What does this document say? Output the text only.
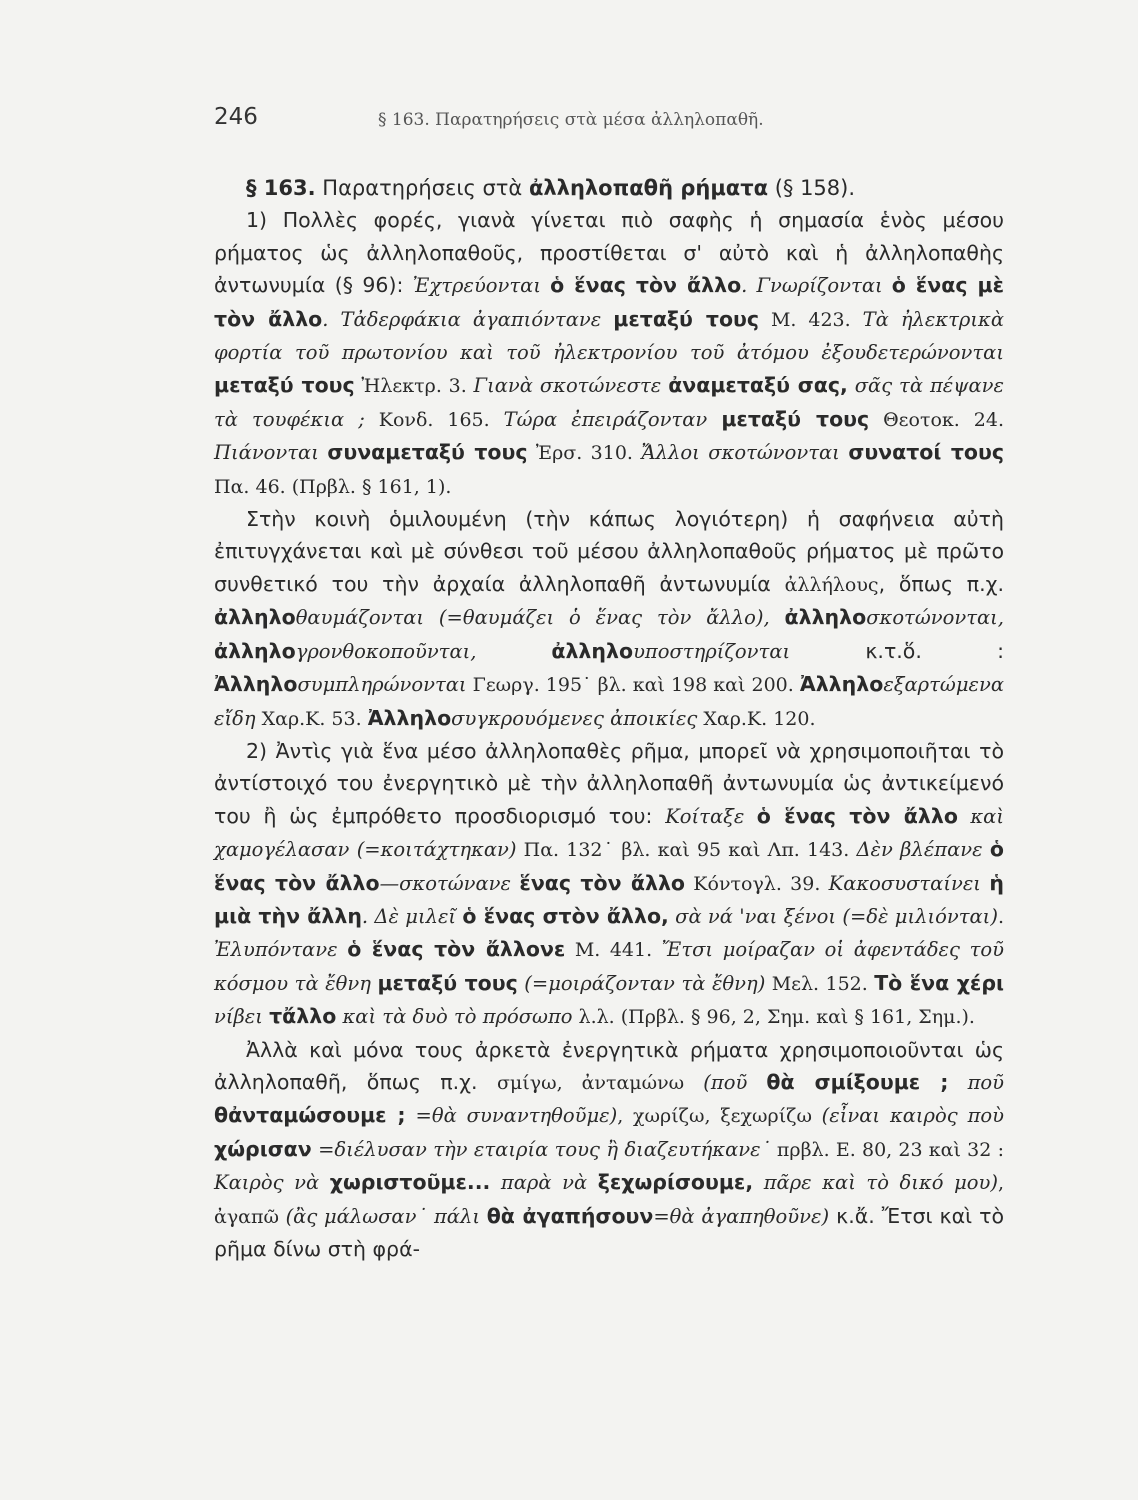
246	§ 163. Παρατηρήσεις στὰ μέσα ἀλληλοπαθῆ.

§ 163. Παρατηρήσεις στὰ ἀλληλοπαθῆ ρήματα (§ 158).

1) Πολλὲς φορές, γιανὰ γίνεται πιὸ σαφὴς ἡ σημασία ἑνὸς μέσου ρήματος ὡς ἀλληλοπαθοῦς, προστίθεται σ' αὐτὸ καὶ ἡ ἀλληλοπαθὴς ἀντωνυμία (§ 96): Ἐχτρεύονται ὁ ἕνας τὸν ἄλλο. Γνωρίζονται ὁ ἕνας μὲ τὸν ἄλλο. Τἀδερφάκια ἀγαπιόντανε μεταξύ τους Μ. 423. Τὰ ἠλεκτρικὰ φορτία τοῦ πρωτονίου καὶ τοῦ ἠλεκτρονίου τοῦ ἀτόμου ἐξουδετερώνονται μεταξύ τους Ἠλεκτρ. 3. Γιανὰ σκοτώνεστε ἀναμεταξύ σας, σᾶς τὰ πέψανε τὰ τουφέκια ; Κονδ. 165. Τώρα ἐπειράζονταν μεταξύ τους Θεοτοκ. 24. Πιάνονται συναμεταξύ τους Ἐρσ. 310. Ἄλλοι σκοτώνονται συνατοί τους Πα. 46. (Πρβλ. § 161, 1).

Στὴν κοινὴ ὁμιλουμένη (τὴν κάπως λογιότερη) ἡ σαφήνεια αὐτὴ ἐπιτυγχάνεται καὶ μὲ σύνθεσι τοῦ μέσου ἀλληλοπαθοῦς ρήματος μὲ πρῶτο συνθετικό του τὴν ἀρχαία ἀλληλοπαθῆ ἀντωνυμία ἀλλήλους, ὅπως π.χ. ἀλληλοθαυμάζονται (=θαυμάζει ὁ ἕνας τὸν ἄλλο), ἀλληλοσκοτώνονται, ἀλληλογρονθοκοποῦνται, ἀλληλουποστηρίζονται κ.τ.ὅ. : Ἀλληλοσυμπληρώνονται Γεωργ. 195˙ βλ. καὶ 198 καὶ 200. Ἀλληλοεξαρτώμενα εἴδη Χαρ.Κ. 53. Ἀλληλοσυγκρουόμενες ἀποικίες Χαρ.Κ. 120.

2) Ἀντὶς γιὰ ἕνα μέσο ἀλληλοπαθὲς ρῆμα, μπορεῖ νὰ χρησιμοποιῆται τὸ ἀντίστοιχό του ἐνεργητικὸ μὲ τὴν ἀλληλοπαθῆ ἀντωνυμία ὡς ἀντικείμενό του ἢ ὡς ἐμπρόθετο προσδιορισμό του: Κοίταξε ὁ ἕνας τὸν ἄλλο καὶ χαμογέλασαν (=κοιτάχτηκαν) Πα. 132˙ βλ. καὶ 95 καὶ Λπ. 143. Δὲν βλέπανε ὁ ἕνας τὸν ἄλλο—σκοτώνανε ἕνας τὸν ἄλλο Κόντογλ. 39. Κακοσυσταίνει ἡ μιὰ τὴν ἄλλη. Δὲ μιλεῖ ὁ ἕνας στὸν ἄλλο, σὰ νά 'ναι ξένοι (=δὲ μιλιόνται). Ἐλυπόντανε ὁ ἕνας τὸν ἄλλονε Μ. 441. Ἔτσι μοίραζαν οἱ ἀφεντάδες τοῦ κόσμου τὰ ἔθνη μεταξύ τους (=μοιράζονταν τὰ ἔθνη) Μελ. 152. Τὸ ἕνα χέρι νίβει τἄλλο καὶ τὰ δυὸ τὸ πρόσωπο λ.λ. (Πρβλ. § 96, 2, Σημ. καὶ § 161, Σημ.).

Ἀλλὰ καὶ μόνα τους ἀρκετὰ ἐνεργητικὰ ρήματα χρησιμοποιοῦνται ὡς ἀλληλοπαθῆ, ὅπως π.χ. σμίγω, ἀνταμώνω (ποῦ θὰ σμίξουμε ; ποῦ θἀνταμώσουμε ; =θὰ συναντηθοῦμε), χωρίζω, ξεχωρίζω (εἶναι καιρὸς ποὺ χώρισαν =διέλυσαν τὴν εταιρία τους ἢ διαζευτήκανε˙ πρβλ. Ε. 80, 23 καὶ 32 : Καιρὸς νὰ χωριστοῦμε... παρὰ νὰ ξεχωρίσουμε, πᾶρε καὶ τὸ δικό μου), ἀγαπῶ (ἂς μάλωσαν˙ πάλι θὰ ἀγαπήσουν=θὰ ἀγαπηθοῦνε) κ.ἄ. Ἔτσι καὶ τὸ ρῆμα δίνω στὴ φρά-
